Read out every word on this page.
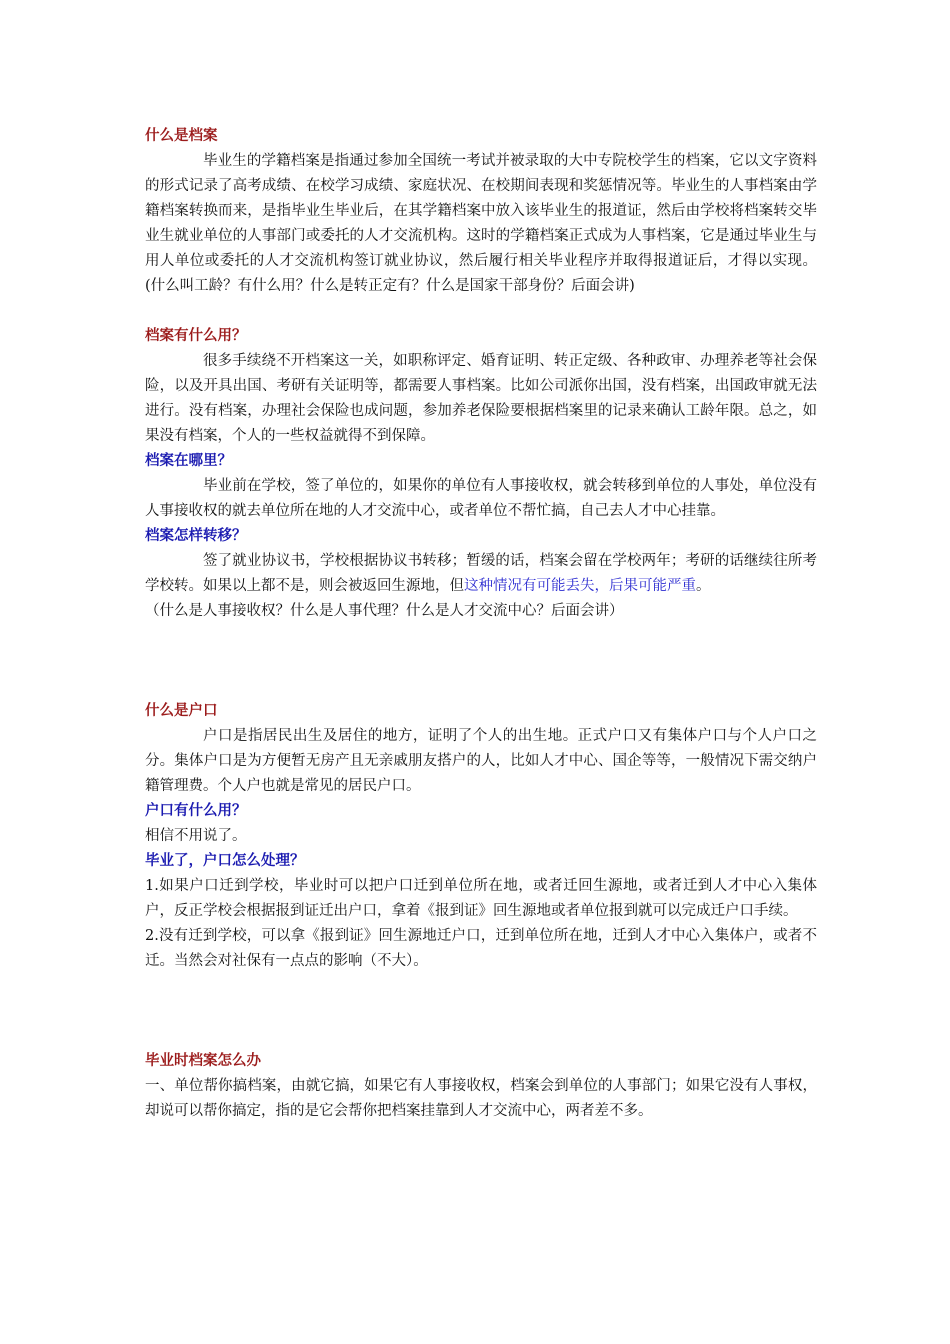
什么是档案

毕业生的学籍档案是指通过参加全国统一考试并被录取的大中专院校学生的档案，它以文字资料的形式记录了高考成绩、在校学习成绩、家庭状况、在校期间表现和奖惩情况等。毕业生的人事档案由学籍档案转换而来，是指毕业生毕业后，在其学籍档案中放入该毕业生的报道证，然后由学校将档案转交毕业生就业单位的人事部门或委托的人才交流机构。这时的学籍档案正式成为人事档案，它是通过毕业生与用人单位或委托的人才交流机构签订就业协议，然后履行相关毕业程序并取得报道证后，才得以实现。(什么叫工龄？有什么用？什么是转正定有？什么是国家干部身份？后面会讲)

档案有什么用？

很多手续绕不开档案这一关，如职称评定、婚育证明、转正定级、各种政审、办理养老等社会保险，以及开具出国、考研有关证明等，都需要人事档案。比如公司派你出国，没有档案，出国政审就无法进行。没有档案，办理社会保险也成问题，参加养老保险要根据档案里的记录来确认工龄年限。总之，如果没有档案，个人的一些权益就得不到保障。

档案在哪里？

毕业前在学校，签了单位的，如果你的单位有人事接收权，就会转移到单位的人事处，单位没有人事接收权的就去单位所在地的人才交流中心，或者单位不帮忙搞，自己去人才中心挂靠。

档案怎样转移？

签了就业协议书，学校根据协议书转移；暂缓的话，档案会留在学校两年；考研的话继续往所考学校转。如果以上都不是，则会被返回生源地，但这种情况有可能丢失，后果可能严重。

（什么是人事接收权？什么是人事代理？什么是人才交流中心？后面会讲）

什么是户口

户口是指居民出生及居住的地方，证明了个人的出生地。正式户口又有集体户口与个人户口之分。集体户口是为方便暂无房产且无亲戚朋友搭户的人，比如人才中心、国企等等，一般情况下需交纳户籍管理费。个人户也就是常见的居民户口。

户口有什么用？

相信不用说了。

毕业了，户口怎么处理？

1.如果户口迁到学校，毕业时可以把户口迁到单位所在地，或者迁回生源地，或者迁到人才中心入集体户，反正学校会根据报到证迁出户口，拿着《报到证》回生源地或者单位报到就可以完成迁户口手续。

2.没有迁到学校，可以拿《报到证》回生源地迁户口，迁到单位所在地，迁到人才中心入集体户，或者不迁。当然会对社保有一点点的影响（不大）。

毕业时档案怎么办

一、单位帮你搞档案，由就它搞，如果它有人事接收权，档案会到单位的人事部门；如果它没有人事权，却说可以帮你搞定，指的是它会帮你把档案挂靠到人才交流中心，两者差不多。
